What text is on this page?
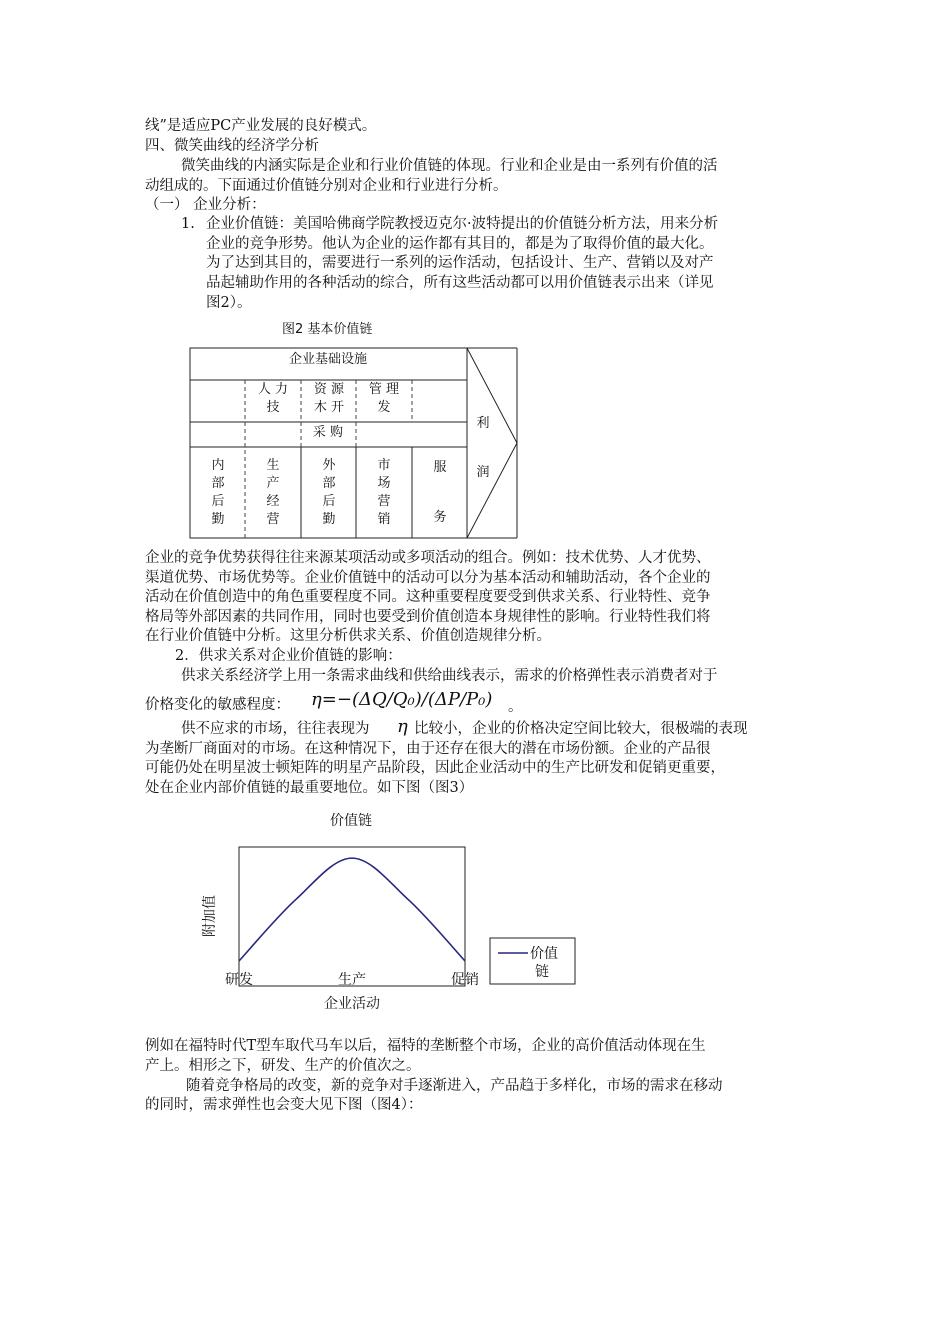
线”是适应PC产业发展的良好模式。
四、微笑曲线的经济学分析
微笑曲线的内涵实际是企业和行业价值链的体现。行业和企业是由一系列有价值的活
动组成的。下面通过价值链分别对企业和行业进行分析。
（一） 企业分析：
1. 企业价值链：美国哈佛商学院教授迈克尔·波特提出的价值链分析方法，用来分析
企业的竞争形势。他认为企业的运作都有其目的，都是为了取得价值的最大化。
为了达到其目的，需要进行一系列的运作活动，包括设计、生产、营销以及对产
品起辅助作用的各种活动的综合，所有这些活动都可以用价值链表示出来（详见
图2）。
图2 基本价值链
企业基础设施
人 力
技
资 源
木 开
管 理
发
采 购
利
润
内
部
后
勤
生
产
经
营
外
部
后
勤
市
场
营
销
服
务
企业的竞争优势获得往往来源某项活动或多项活动的组合。例如：技术优势、人才优势、
渠道优势、市场优势等。企业价值链中的活动可以分为基本活动和辅助活动，各个企业的
活动在价值创造中的角色重要程度不同。这种重要程度要受到供求关系、行业特性、竞争
格局等外部因素的共同作用，同时也要受到价值创造本身规律性的影响。行业特性我们将
在行业价值链中分析。这里分析供求关系、价值创造规律分析。
2．供求关系对企业价值链的影响：
供求关系经济学上用一条需求曲线和供给曲线表示，需求的价格弹性表示消费者对于
价格变化的敏感程度： η=−(ΔQ/Q₀)/(ΔP/P₀) 。
供不应求的市场，往往表现为 η 比较小，企业的价格决定空间比较大，很极端的表现
为垄断厂商面对的市场。在这种情况下，由于还存在很大的潜在市场份额。企业的产品很
可能仍处在明星波士顿矩阵的明星产品阶段，因此企业活动中的生产比研发和促销更重要，
处在企业内部价值链的最重要地位。如下图（图3）
价值链
附加值
研发	生产	促销
企业活动
价值
链
例如在福特时代T型车取代马车以后，福特的垄断整个市场，企业的高价值活动体现在生
产上。相形之下，研发、生产的价值次之。
随着竞争格局的改变，新的竞争对手逐渐进入，产品趋于多样化，市场的需求在移动
的同时，需求弹性也会变大见下图（图4）：
